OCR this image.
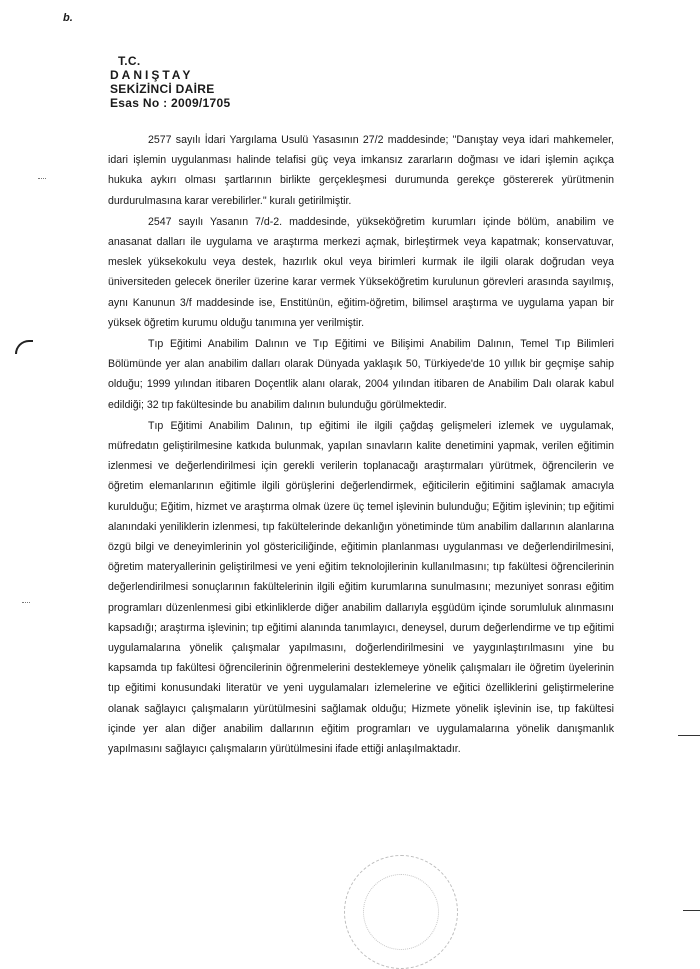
b.
T.C.
DANIŞTAY
SEKİZİNCİ DAİRE
Esas No : 2009/1705

2577 sayılı İdari Yargılama Usulü Yasasının 27/2 maddesinde; "Danıştay veya idari mahkemeler, idari işlemin uygulanması halinde telafisi güç veya imkansız zararların doğması ve idari işlemin açıkça hukuka aykırı olması şartlarının birlikte gerçekleşmesi durumunda gerekçe göstererek yürütmenin durdurulmasına karar verebilirler." kuralı getirilmiştir.

2547 sayılı Yasanın 7/d-2. maddesinde, yükseköğretim kurumları içinde bölüm, anabilim ve anasanat dalları ile uygulama ve araştırma merkezi açmak, birleştirmek veya kapatmak; konservatuvar, meslek yüksekokulu veya destek, hazırlık okul veya birimleri kurmak ile ilgili olarak doğrudan veya üniversiteden gelecek öneriler üzerine karar vermek Yükseköğretim kurulunun görevleri arasında sayılmış, aynı Kanunun 3/f maddesinde ise, Enstitünün, eğitim-öğretim, bilimsel araştırma ve uygulama yapan bir yüksek öğretim kurumu olduğu tanımına yer verilmiştir.

Tıp Eğitimi Anabilim Dalının ve Tıp Eğitimi ve Bilişimi Anabilim Dalının, Temel Tıp Bilimleri Bölümünde yer alan anabilim dalları olarak Dünyada yaklaşık 50, Türkiyede'de 10 yıllık bir geçmişe sahip olduğu; 1999 yılından itibaren Doçentlik alanı olarak, 2004 yılından itibaren de Anabilim Dalı olarak kabul edildiği; 32 tıp fakültesinde bu anabilim dalının bulunduğu görülmektedir.

Tıp Eğitimi Anabilim Dalının, tıp eğitimi ile ilgili çağdaş gelişmeleri izlemek ve uygulamak, müfredatın geliştirilmesine katkıda bulunmak, yapılan sınavların kalite denetimini yapmak, verilen eğitimin izlenmesi ve değerlendirilmesi için gerekli verilerin toplanacağı araştırmaları yürütmek, öğrencilerin ve öğretim elemanlarının eğitimle ilgili görüşlerini değerlendirmek, eğiticilerin eğitimini sağlamak amacıyla kurulduğu; Eğitim, hizmet ve araştırma olmak üzere üç temel işlevinin bulunduğu; Eğitim işlevinin; tıp eğitimi alanındaki yeniliklerin izlenmesi, tıp fakültelerinde dekanlığın yönetiminde tüm anabilim dallarının alanlarına özgü bilgi ve deneyimlerinin yol göstericiliğinde, eğitimin planlanması uygulanması ve değerlendirilmesini, öğretim materyallerinin geliştirilmesi ve yeni eğitim teknolojilerinin kullanılmasını; tıp fakültesi öğrencilerinin değerlendirilmesi sonuçlarının fakültelerinin ilgili eğitim kurumlarına sunulmasını; mezuniyet sonrası eğitim programları düzenlenmesi gibi etkinliklerde diğer anabilim dallarıyla eşgüdüm içinde sorumluluk alınmasını kapsadığı; araştırma işlevinin; tıp eğitimi alanında tanımlayıcı, deneysel, durum değerlendirme ve tıp eğitimi uygulamalarına yönelik çalışmalar yapılmasını, doğerlendirilmesini ve yaygınlaştırılmasını yine bu kapsamda tıp fakültesi öğrencilerinin öğrenmelerini desteklemeye yönelik çalışmaları ile öğretim üyelerinin tıp eğitimi konusundaki literatür ve yeni uygulamaları izlemelerine ve eğitici özelliklerini geliştirmelerine olanak sağlayıcı çalışmaların yürütülmesini sağlamak olduğu; Hizmete yönelik işlevinin ise, tıp fakültesi içinde yer alan diğer anabilim dallarının eğitim programları ve uygulamalarına yönelik danışmanlık yapılmasını sağlayıcı çalışmaların yürütülmesini ifade ettiği anlaşılmaktadır.
